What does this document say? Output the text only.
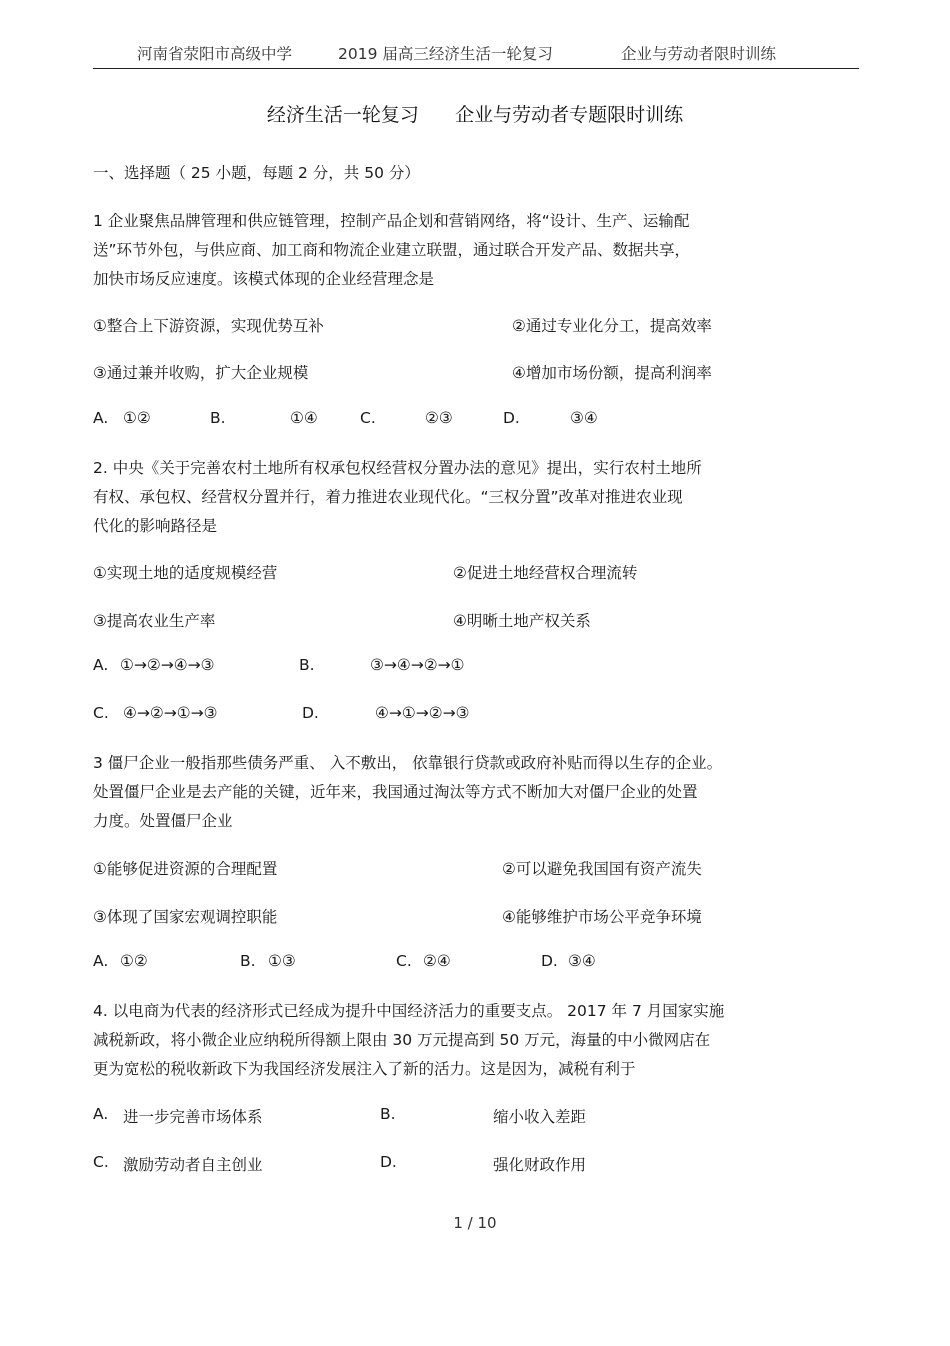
河南省荥阳市高级中学	2019 届高三经济生活一轮复习	企业与劳动者限时训练
经济生活一轮复习      企业与劳动者专题限时训练
一、选择题（ 25 小题，每题 2 分，共 50 分）
1 企业聚焦品牌管理和供应链管理，控制产品企划和营销网络，将“设计、生产、运输配
送”环节外包，与供应商、加工商和物流企业建立联盟，通过联合开发产品、数据共享，
加快市场反应速度。该模式体现的企业经营理念是
①整合上下游资源，实现优势互补	②通过专业化分工，提高效率
③通过兼并收购，扩大企业规模	④增加市场份额，提高利润率
A. ①②	B.	①④	C.	②③	D.	③④
2. 中央《关于完善农村土地所有权承包权经营权分置办法的意见》提出，实行农村土地所
有权、承包权、经营权分置并行，着力推进农业现代化。“三权分置”改革对推进农业现
代化的影响路径是
①实现土地的适度规模经营	②促进土地经营权合理流转
③提高农业生产率	④明晰土地产权关系
A. ①→②→④→③	B.	③→④→②→①
C. ④→②→①→③	D.	④→①→②→③
3 僵尸企业一般指那些债务严重、 入不敷出， 依靠银行贷款或政府补贴而得以生存的企业。
处置僵尸企业是去产能的关键，近年来，我国通过淘汰等方式不断加大对僵尸企业的处置
力度。处置僵尸企业
①能够促进资源的合理配置	②可以避免我国国有资产流失
③体现了国家宏观调控职能	④能够维护市场公平竞争环境
A. ①②	B. ①③	C. ②④	D. ③④
4. 以电商为代表的经济形式已经成为提升中国经济活力的重要支点。 2017 年 7 月国家实施
减税新政，将小微企业应纳税所得额上限由 30 万元提高到 50 万元，海量的中小微网店在
更为宽松的税收新政下为我国经济发展注入了新的活力。这是因为，减税有利于
A. 进一步完善市场体系	B.	缩小收入差距
C. 激励劳动者自主创业	D.	强化财政作用
1 / 10
